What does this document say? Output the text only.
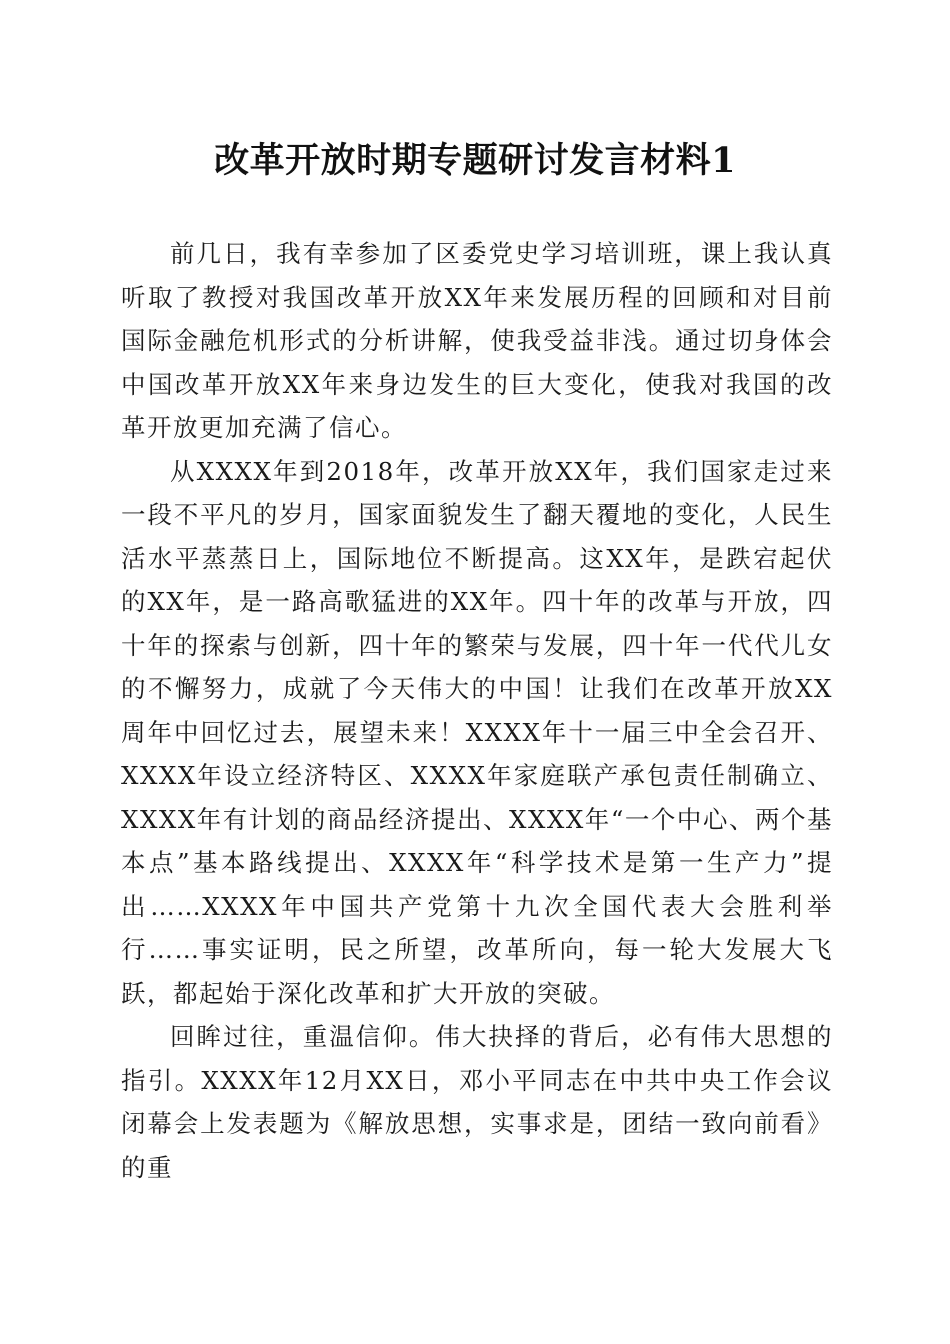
改革开放时期专题研讨发言材料1

前几日，我有幸参加了区委党史学习培训班，课上我认真听取了教授对我国改革开放XX年来发展历程的回顾和对目前国际金融危机形式的分析讲解，使我受益非浅。通过切身体会中国改革开放XX年来身边发生的巨大变化，使我对我国的改革开放更加充满了信心。

从XXXX年到2018年，改革开放XX年，我们国家走过来一段不平凡的岁月，国家面貌发生了翻天覆地的变化，人民生活水平蒸蒸日上，国际地位不断提高。这XX年，是跌宕起伏的XX年，是一路高歌猛进的XX年。四十年的改革与开放，四十年的探索与创新，四十年的繁荣与发展，四十年一代代儿女的不懈努力，成就了今天伟大的中国！让我们在改革开放XX周年中回忆过去，展望未来！XXXX年十一届三中全会召开、XXXX年设立经济特区、XXXX年家庭联产承包责任制确立、XXXX年有计划的商品经济提出、XXXX年“一个中心、两个基本点”基本路线提出、XXXX年“科学技术是第一生产力”提出……XXXX年中国共产党第十九次全国代表大会胜利举行……事实证明，民之所望，改革所向，每一轮大发展大飞跃，都起始于深化改革和扩大开放的突破。

回眸过往，重温信仰。伟大抉择的背后，必有伟大思想的指引。XXXX年12月XX日，邓小平同志在中共中央工作会议闭幕会上发表题为《解放思想，实事求是，团结一致向前看》的重
